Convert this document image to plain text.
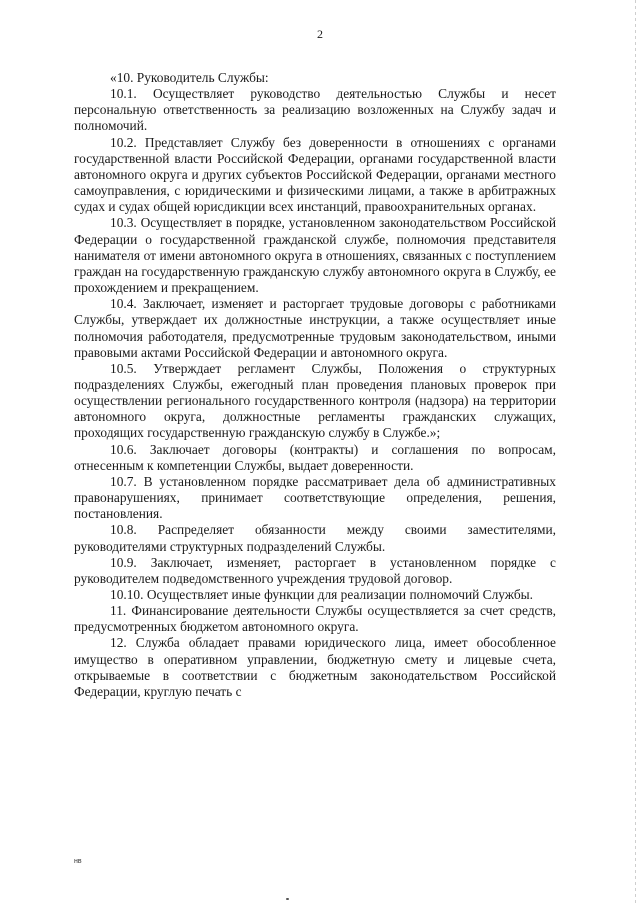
2

«10. Руководитель Службы:

10.1. Осуществляет руководство деятельностью Службы и несет персональную ответственность за реализацию возложенных на Службу задач и полномочий.

10.2. Представляет Службу без доверенности в отношениях с органами государственной власти Российской Федерации, органами государственной власти автономного округа и других субъектов Российской Федерации, органами местного самоуправления, с юридическими и физическими лицами, а также в арбитражных судах и судах общей юрисдикции всех инстанций, правоохранительных органах.

10.3. Осуществляет в порядке, установленном законодательством Российской Федерации о государственной гражданской службе, полномочия представителя нанимателя от имени автономного округа в отношениях, связанных с поступлением граждан на государственную гражданскую службу автономного округа в Службу, ее прохождением и прекращением.

10.4. Заключает, изменяет и расторгает трудовые договоры с работниками Службы, утверждает их должностные инструкции, а также осуществляет иные полномочия работодателя, предусмотренные трудовым законодательством, иными правовыми актами Российской Федерации и автономного округа.

10.5. Утверждает регламент Службы, Положения о структурных подразделениях Службы, ежегодный план проведения плановых проверок при осуществлении регионального государственного контроля (надзора) на территории автономного округа, должностные регламенты гражданских служащих, проходящих государственную гражданскую службу в Службе.»;

10.6. Заключает договоры (контракты) и соглашения по вопросам, отнесенным к компетенции Службы, выдает доверенности.

10.7. В установленном порядке рассматривает дела об административных правонарушениях, принимает соответствующие определения, решения, постановления.

10.8. Распределяет обязанности между своими заместителями, руководителями структурных подразделений Службы.

10.9. Заключает, изменяет, расторгает в установленном порядке с руководителем подведомственного учреждения трудовой договор.

10.10. Осуществляет иные функции для реализации полномочий Службы.

11. Финансирование деятельности Службы осуществляется за счет средств, предусмотренных бюджетом автономного округа.

12. Служба обладает правами юридического лица, имеет обособленное имущество в оперативном управлении, бюджетную смету и лицевые счета, открываемые в соответствии с бюджетным законодательством Российской Федерации, круглую печать с

нв
